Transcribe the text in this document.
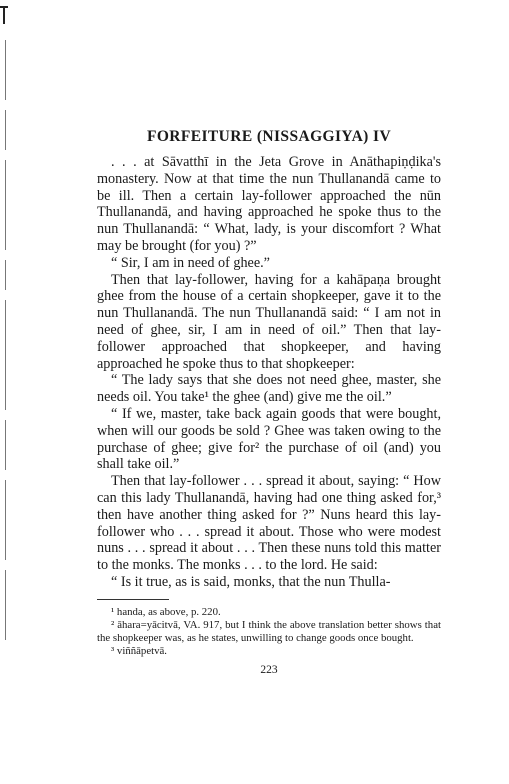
FORFEITURE (NISSAGGIYA) IV

. . . at Sāvatthī in the Jeta Grove in Anāthapiṇḍika's monastery. Now at that time the nun Thullanandā came to be ill. Then a certain lay-follower approached the nūn Thullanandā, and having approached he spoke thus to the nun Thullanandā: “ What, lady, is your discomfort ? What may be brought (for you) ?”

“ Sir, I am in need of ghee.”

Then that lay-follower, having for a kahāpaṇa brought ghee from the house of a certain shopkeeper, gave it to the nun Thullanandā. The nun Thullanandā said: “ I am not in need of ghee, sir, I am in need of oil.” Then that lay-follower approached that shopkeeper, and having approached he spoke thus to that shopkeeper:

“ The lady says that she does not need ghee, master, she needs oil. You take¹ the ghee (and) give me the oil.”

“ If we, master, take back again goods that were bought, when will our goods be sold ? Ghee was taken owing to the purchase of ghee; give for² the purchase of oil (and) you shall take oil.”

Then that lay-follower . . . spread it about, saying: “ How can this lady Thullanandā, having had one thing asked for,³ then have another thing asked for ?” Nuns heard this lay-follower who . . . spread it about. Those who were modest nuns . . . spread it about . . . Then these nuns told this matter to the monks. The monks . . . to the lord. He said:

“ Is it true, as is said, monks, that the nun Thulla-

¹ handa, as above, p. 220.

² āhara=yācitvā, VA. 917, but I think the above translation better shows that the shopkeeper was, as he states, unwilling to change goods once bought.

³ viññāpetvā.

223
